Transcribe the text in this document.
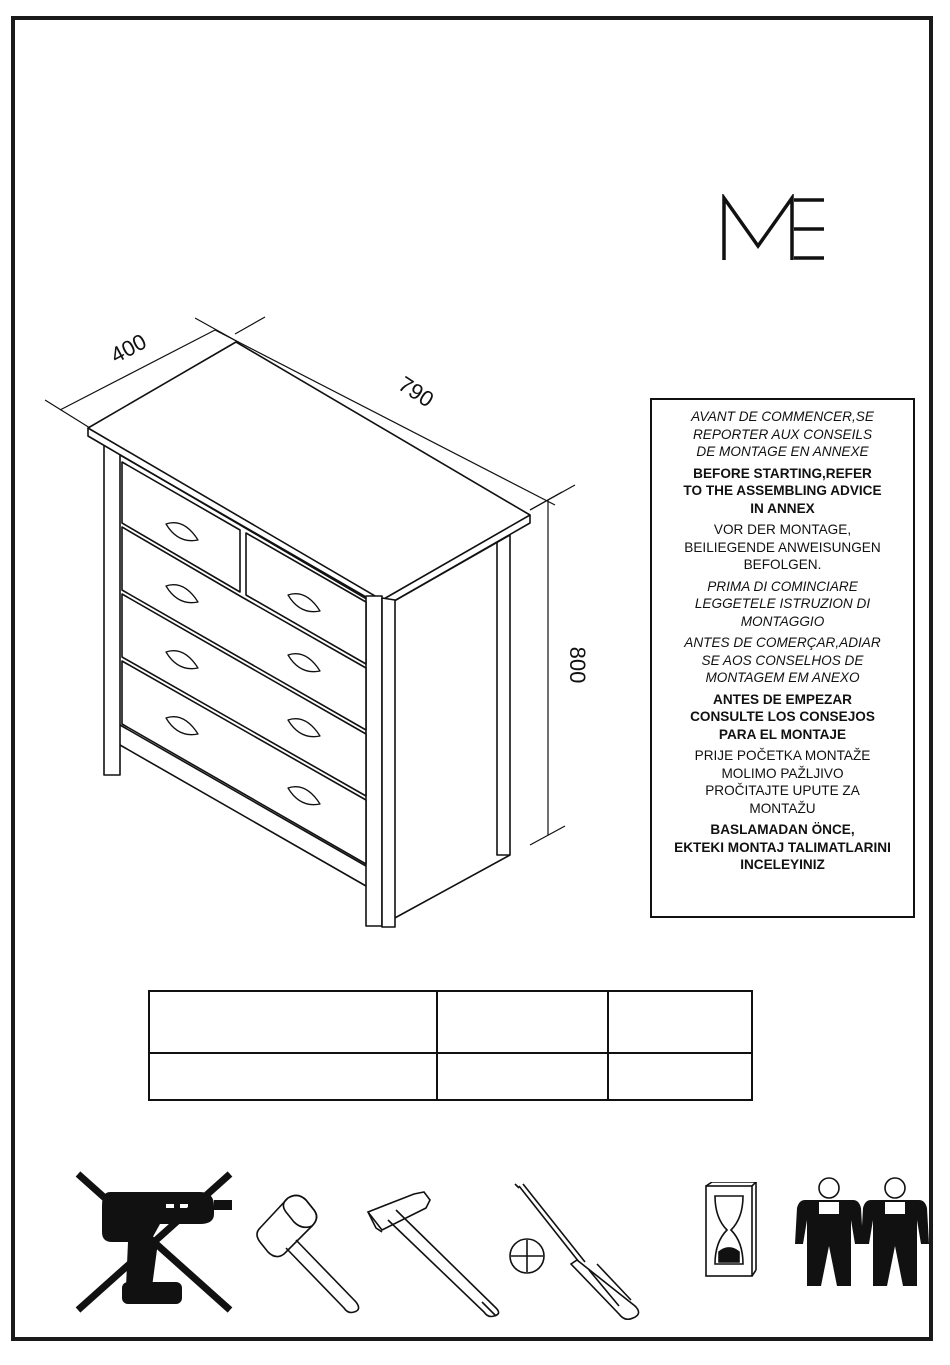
400
790
800
AVANT DE COMMENCER,SE
REPORTER AUX CONSEILS
DE MONTAGE EN ANNEXE
BEFORE STARTING,REFER
TO THE ASSEMBLING ADVICE
IN ANNEX
VOR DER MONTAGE,
BEILIEGENDE ANWEISUNGEN
BEFOLGEN.
PRIMA DI COMINCIARE
LEGGETELE ISTRUZION DI
MONTAGGIO
ANTES DE COMERÇAR,ADIAR
SE AOS CONSELHOS DE
MONTAGEM EM ANEXO
ANTES DE EMPEZAR
CONSULTE LOS CONSEJOS
PARA EL MONTAJE
PRIJE POČETKA MONTAŽE
MOLIMO PAŽLJIVO
PROČITAJTE UPUTE ZA
MONTAŽU
BASLAMADAN ÖNCE,
EKTEKI MONTAJ TALIMATLARINI
INCELEYINIZ
